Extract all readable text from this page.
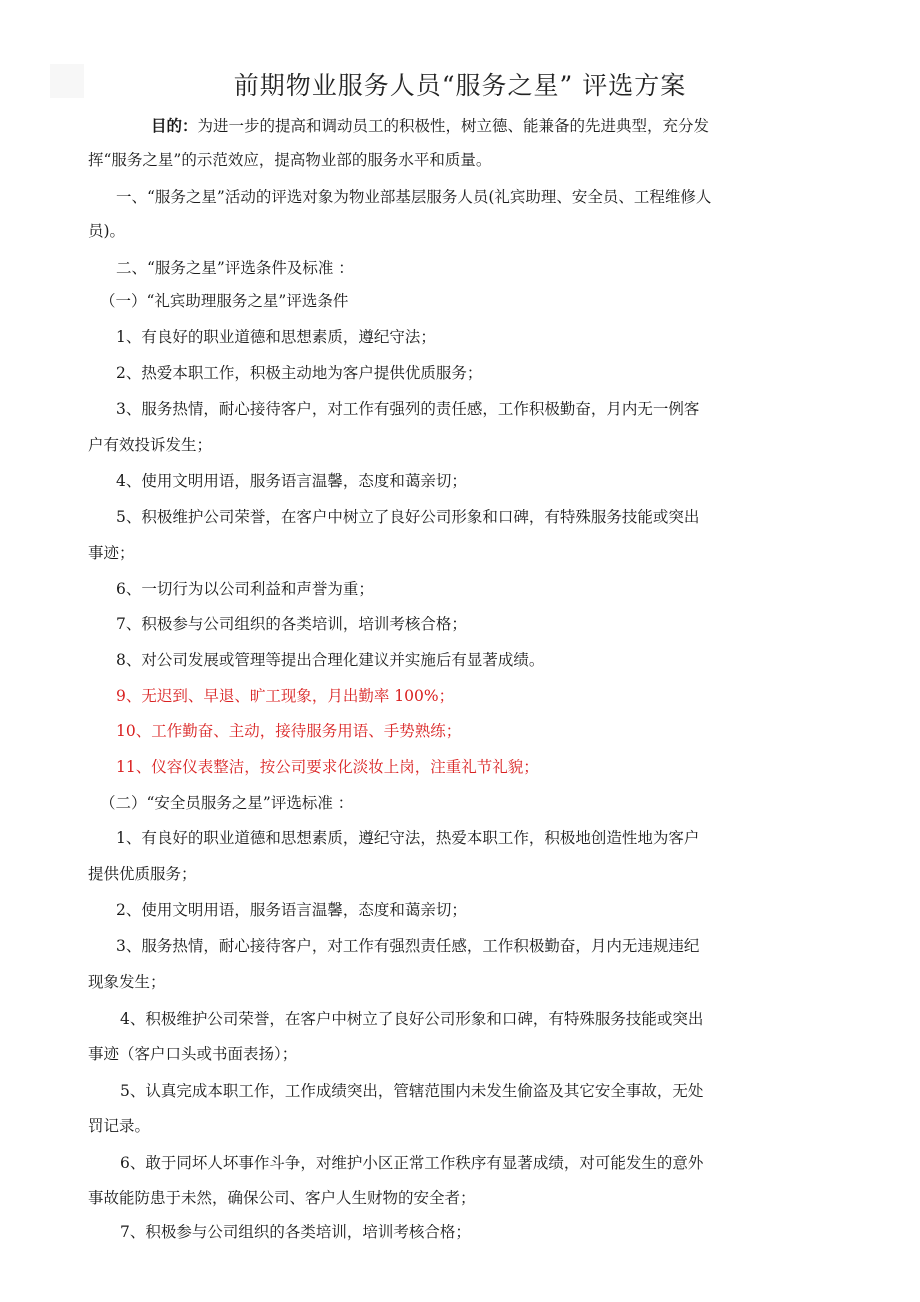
前期物业服务人员“服务之星” 评选方案
目的：为进一步的提高和调动员工的积极性，树立德、能兼备的先进典型，充分发
挥“服务之星”的示范效应，提高物业部的服务水平和质量。
一、“服务之星”活动的评选对象为物业部基层服务人员(礼宾助理、安全员、工程维修人
员)。
二、“服务之星”评选条件及标准 ：
（一）“礼宾助理服务之星”评选条件
1、有良好的职业道德和思想素质，遵纪守法；
2、热爱本职工作，积极主动地为客户提供优质服务；
3、服务热情，耐心接待客户，对工作有强列的责任感，工作积极勤奋，月内无一例客
户有效投诉发生；
4、使用文明用语，服务语言温馨，态度和蔼亲切；
5、积极维护公司荣誉，在客户中树立了良好公司形象和口碑，有特殊服务技能或突出
事迹；
6、一切行为以公司利益和声誉为重；
7、积极参与公司组织的各类培训，培训考核合格；
8、对公司发展或管理等提出合理化建议并实施后有显著成绩。
9、无迟到、早退、旷工现象，月出勤率 100%；
10、工作勤奋、主动，接待服务用语、手势熟练；
11、仪容仪表整洁，按公司要求化淡妆上岗，注重礼节礼貌；
（二）“安全员服务之星”评选标准 ：
1、有良好的职业道德和思想素质，遵纪守法，热爱本职工作，积极地创造性地为客户
提供优质服务；
2、使用文明用语，服务语言温馨，态度和蔼亲切；
3、服务热情，耐心接待客户，对工作有强烈责任感，工作积极勤奋，月内无违规违纪
现象发生；
4、积极维护公司荣誉，在客户中树立了良好公司形象和口碑，有特殊服务技能或突出
事迹（客户口头或书面表扬）；
5、认真完成本职工作，工作成绩突出，管辖范围内未发生偷盗及其它安全事故，无处
罚记录。
6、敢于同坏人坏事作斗争，对维护小区正常工作秩序有显著成绩，对可能发生的意外
事故能防患于未然，确保公司、客户人生财物的安全者；
7、积极参与公司组织的各类培训，培训考核合格；
